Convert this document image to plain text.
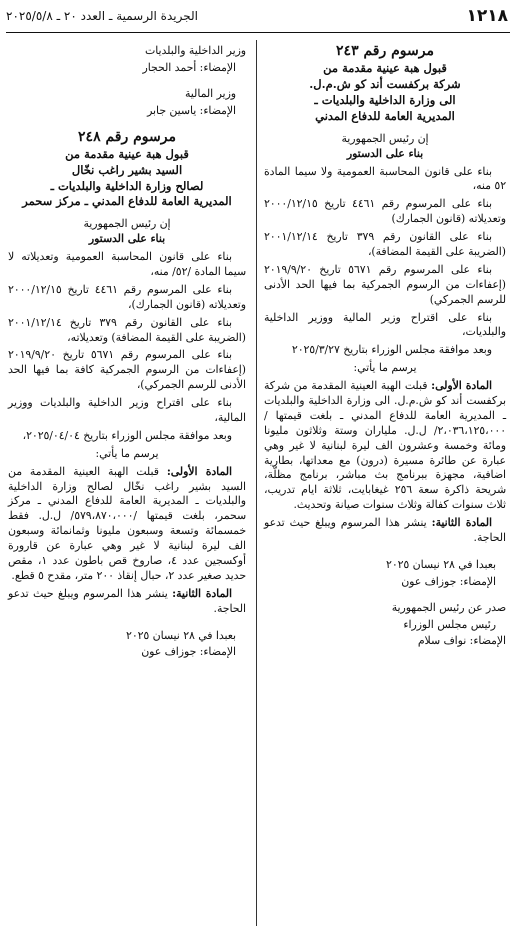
١٢١٨
الجريدة الرسمية ـ العدد ٢٠ ـ ٢٠٢٥/٥/٨

مرسوم رقم ٢٤٣

قبول هبة عينية مقدمة من

شركة بركفست أند كو ش.م.ل.

الى وزارة الداخلية والبلديات ـ

المديرية العامة للدفاع المدني

إن رئيس الجمهورية

بناء على الدستور

بناء على قانون المحاسبة العمومية ولا سيما المادة ٥٢ منه،

بناء على المرسوم رقم ٤٤٦١ تاريخ ٢٠٠٠/١٢/١٥ وتعديلاته (قانون الجمارك)

بناء على القانون رقم ٣٧٩ تاريخ ٢٠٠١/١٢/١٤ (الضريبة على القيمة المضافة)،

بناء على المرسوم رقم ٥٦٧١ تاريخ ٢٠١٩/٩/٢٠ (إعفاءات من الرسوم الجمركية بما فيها الحد الأدنى للرسم الجمركي)

بناء على اقتراح وزير المالية ووزير الداخلية والبلديات،

وبعد موافقة مجلس الوزراء بتاريخ ٢٠٢٥/٣/٢٧

يرسم ما يأتي:

المادة الأولى: قبلت الهبة العينية المقدمة من شركة بركفست أند كو ش.م.ل. الى وزارة الداخلية والبلديات ـ المديرية العامة للدفاع المدني ـ بلغت قيمتها /٢،٠٣٦،١٢٥،٠٠٠/ ل.ل. ملياران وستة وثلاثون مليونا ومائة وخمسة وعشرون الف ليرة لبنانية لا غير وهي عبارة عن طائرة مسيرة (درون) مع معداتها، بطارية اضافية، مجهزة ببرنامج بث مباشر، برنامج مظلّة، شريحة ذاكرة سعة ٢٥٦ غيغابايت، ثلاثة ايام تدريب، ثلاث سنوات كفالة وثلاث سنوات صيانة وتحديث.

المادة الثانية: ينشر هذا المرسوم ويبلغ حيث تدعو الحاجة.

بعبدا في ٢٨ نيسان ٢٠٢٥

الإمضاء: جوزاف عون

صدر عن رئيس الجمهورية

رئيس مجلس الوزراء

الإمضاء: نواف سلام

وزير الداخلية والبلديات

الإمضاء: أحمد الحجار

وزير المالية

الإمضاء: ياسين جابر

مرسوم رقم ٢٤٨

قبول هبة عينية مقدمة من

السيد بشير راغب نخّال

لصالح وزارة الداخلية والبلديات ـ

المديرية العامة للدفاع المدني ـ مركز سحمر

إن رئيس الجمهورية

بناء على الدستور

بناء على قانون المحاسبة العمومية وتعديلاته لا سيما المادة /٥٢/ منه،

بناء على المرسوم رقم ٤٤٦١ تاريخ ٢٠٠٠/١٢/١٥ وتعديلاته (قانون الجمارك)،

بناء على القانون رقم ٣٧٩ تاريخ ٢٠٠١/١٢/١٤ (الضريبة على القيمة المضافة) وتعديلاته،

بناء على المرسوم رقم ٥٦٧١ تاريخ ٢٠١٩/٩/٢٠ (إعفاءات من الرسوم الجمركية كافة بما فيها الحد الأدنى للرسم الجمركي)،

بناء على اقتراح وزير الداخلية والبلديات ووزير المالية،

وبعد موافقة مجلس الوزراء بتاريخ ٢٠٢٥/٠٤/٠٤،

يرسم ما يأتي:

المادة الأولى: قبلت الهبة العينية المقدمة من السيد بشير راغب نخّال لصالح وزارة الداخلية والبلديات ـ المديرية العامة للدفاع المدني ـ مركز سحمر، بلغت قيمتها /٥٧٩،٨٧٠،٠٠٠/ ل.ل. فقط خمسمائة وتسعة وسبعون مليونا وثمانمائة وسبعون الف ليرة لبنانية لا غير وهي عبارة عن قارورة أوكسجين عدد ٤، صاروخ قص باطون عدد ١، مقص حديد صغير عدد ٢، حبال إنقاذ ٢٠٠ متر، مقدح ٥ قطع.

المادة الثانية: ينشر هذا المرسوم ويبلغ حيث تدعو الحاجة.

بعبدا في ٢٨ نيسان ٢٠٢٥

الإمضاء: جوزاف عون
